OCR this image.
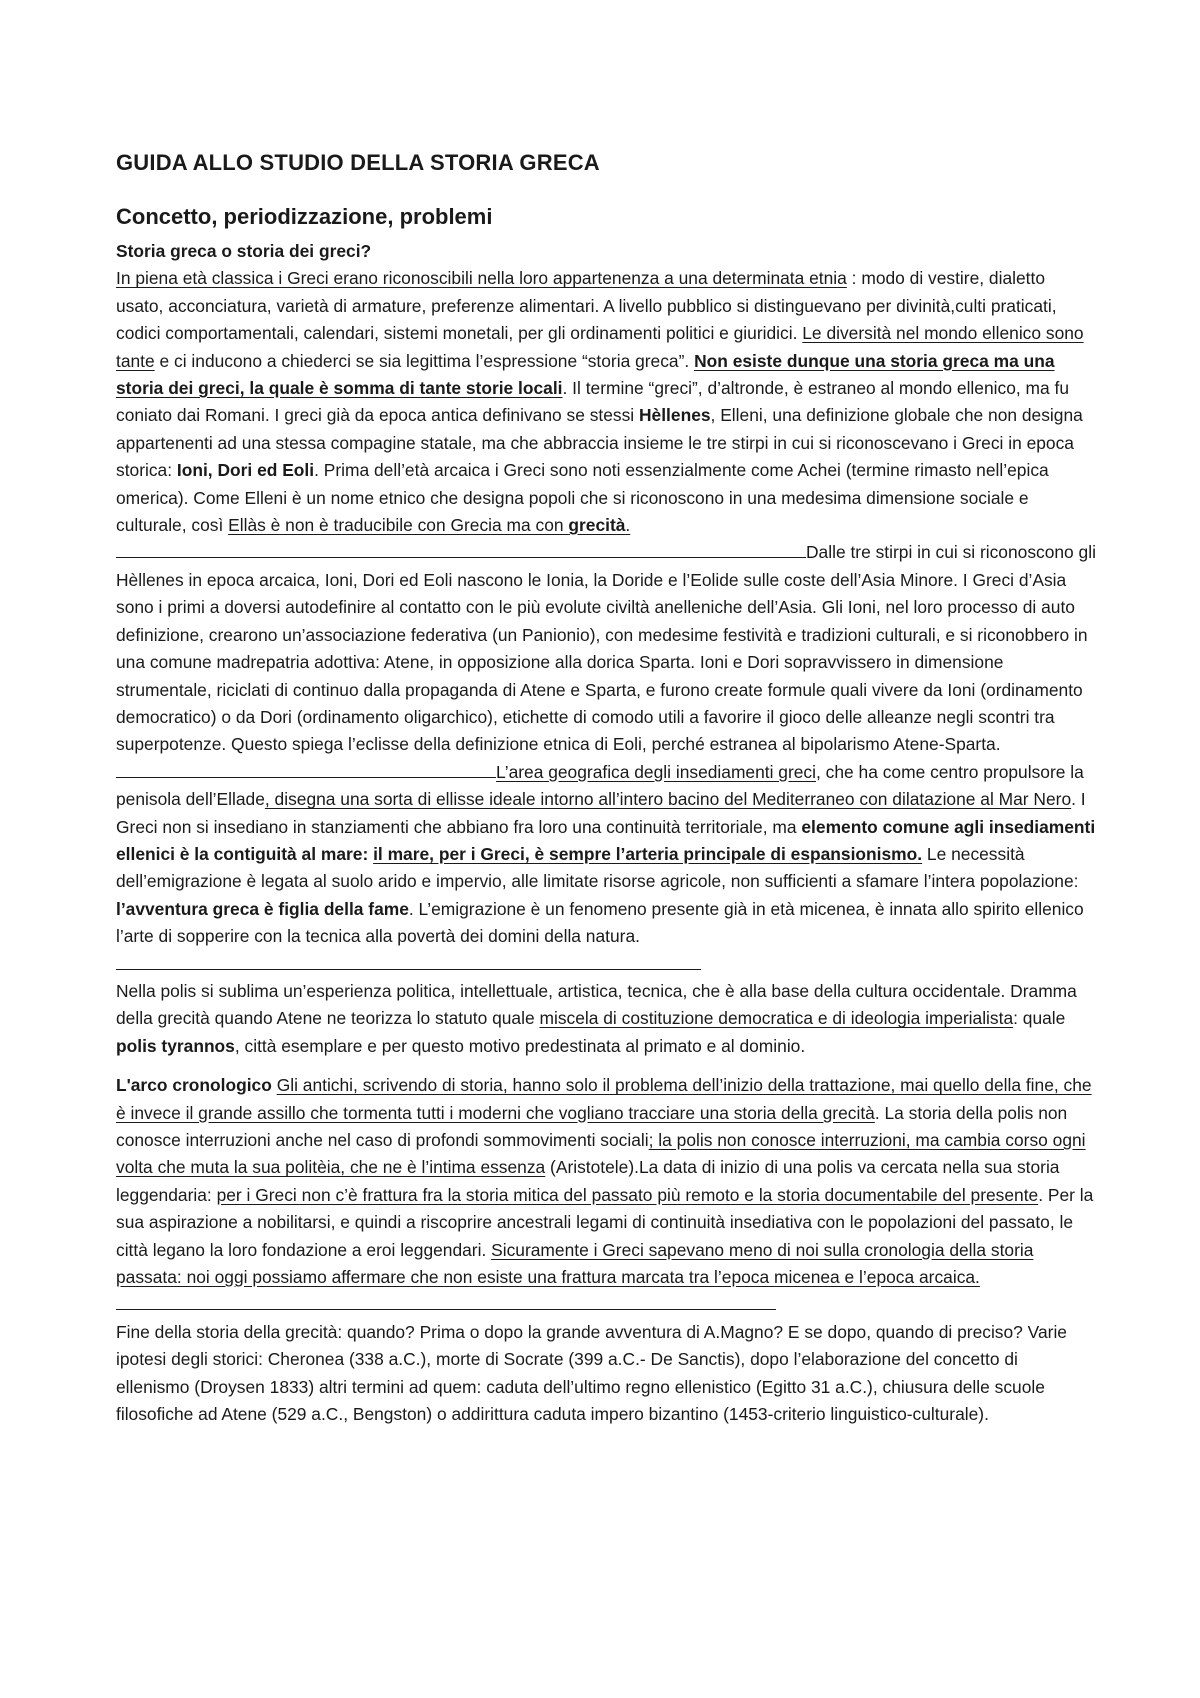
GUIDA ALLO STUDIO DELLA STORIA GRECA
Concetto, periodizzazione, problemi
Storia greca o storia dei greci?

In piena età classica i Greci erano riconoscibili nella loro appartenenza a una determinata etnia : modo di vestire, dialetto usato, acconciatura, varietà di armature, preferenze alimentari. A livello pubblico si distinguevano per divinità,culti praticati, codici comportamentali, calendari, sistemi monetali, per gli ordinamenti politici e giuridici. Le diversità nel mondo ellenico sono tante e ci inducono a chiederci se sia legittima l’espressione “storia greca”. Non esiste dunque una storia greca ma una storia dei greci, la quale è somma di tante storie locali. Il termine “greci”, d’altronde, è estraneo al mondo ellenico, ma fu coniato dai Romani. I greci già da epoca antica definivano se stessi Hèllenes, Elleni, una definizione globale che non designa appartenenti ad una stessa compagine statale, ma che abbraccia insieme le tre stirpi in cui si riconoscevano i Greci in epoca storica: Ioni, Dori ed Eoli. Prima dell’età arcaica i Greci sono noti essenzialmente come Achei (termine rimasto nell’epica omerica). Come Elleni è un nome etnico che designa popoli che si riconoscono in una medesima dimensione sociale e culturale, così Ellàs è non è traducibile con Grecia ma con grecità.Dalle tre stirpi in cui si riconoscono gli Hèllenes in epoca arcaica, Ioni, Dori ed Eoli nascono le Ionia, la Doride e l’Eolide sulle coste dell’Asia Minore. I Greci d’Asia sono i primi a doversi autodefinire al contatto con le più evolute civiltà anelleniche dell’Asia. Gli Ioni, nel loro processo di auto definizione, crearono un’associazione federativa (un Panionio), con medesime festività e tradizioni culturali, e si riconobbero in una comune madrepatria adottiva: Atene, in opposizione alla dorica Sparta. Ioni e Dori sopravvissero in dimensione strumentale, riciclati di continuo dalla propaganda di Atene e Sparta, e furono create formule quali vivere da Ioni (ordinamento democratico) o da Dori (ordinamento oligarchico), etichette di comodo utili a favorire il gioco delle alleanze negli scontri tra superpotenze. Questo spiega l’eclisse della definizione etnica di Eoli, perché estranea al bipolarismo Atene-Sparta. L’area geografica degli insediamenti greci, che ha come centro propulsore la penisola dell’Ellade, disegna una sorta di ellisse ideale intorno all’intero bacino del Mediterraneo con dilatazione al Mar Nero. I Greci non si insediano in stanziamenti che abbiano fra loro una continuità territoriale, ma elemento comune agli insediamenti ellenici è la contiguità al mare: il mare, per i Greci, è sempre l’arteria principale di espansionismo. Le necessità dell’emigrazione è legata al suolo arido e impervio, alle limitate risorse agricole, non sufficienti a sfamare l’intera popolazione: l’avventura greca è figlia della fame. L’emigrazione è un fenomeno presente già in età micenea, è innata allo spirito ellenico l’arte di sopperire con la tecnica alla povertà dei domini della natura.

Nella polis si sublima un’esperienza politica, intellettuale, artistica, tecnica, che è alla base della cultura occidentale. Dramma della grecità quando Atene ne teorizza lo statuto quale miscela di costituzione democratica e di ideologia imperialista: quale polis tyrannos, città esemplare e per questo motivo predestinata al primato e al dominio.

L'arco cronologico Gli antichi, scrivendo di storia, hanno solo il problema dell’inizio della trattazione, mai quello della fine, che è invece il grande assillo che tormenta tutti i moderni che vogliano tracciare una storia della grecità. La storia della polis non conosce interruzioni anche nel caso di profondi sommovimenti sociali; la polis non conosce interruzioni, ma cambia corso ogni volta che muta la sua politèia, che ne è l’intima essenza (Aristotele).La data di inizio di una polis va cercata nella sua storia leggendaria: per i Greci non c’è frattura fra la storia mitica del passato più remoto e la storia documentabile del presente. Per la sua aspirazione a nobilitarsi, e quindi a riscoprire ancestrali legami di continuità insediativa con le popolazioni del passato, le città legano la loro fondazione a eroi leggendari. Sicuramente i Greci sapevano meno di noi sulla cronologia della storia passata: noi oggi possiamo affermare che non esiste una frattura marcata tra l’epoca micenea e l’epoca arcaica.

Fine della storia della grecità: quando? Prima o dopo la grande avventura di A.Magno? E se dopo, quando di preciso? Varie ipotesi degli storici: Cheronea (338 a.C.), morte di Socrate (399 a.C.- De Sanctis), dopo l’elaborazione del concetto di ellenismo (Droysen 1833) altri termini ad quem: caduta dell’ultimo regno ellenistico (Egitto 31 a.C.), chiusura delle scuole filosofiche ad Atene (529 a.C., Bengston) o addirittura caduta impero bizantino (1453-criterio linguistico-culturale).
